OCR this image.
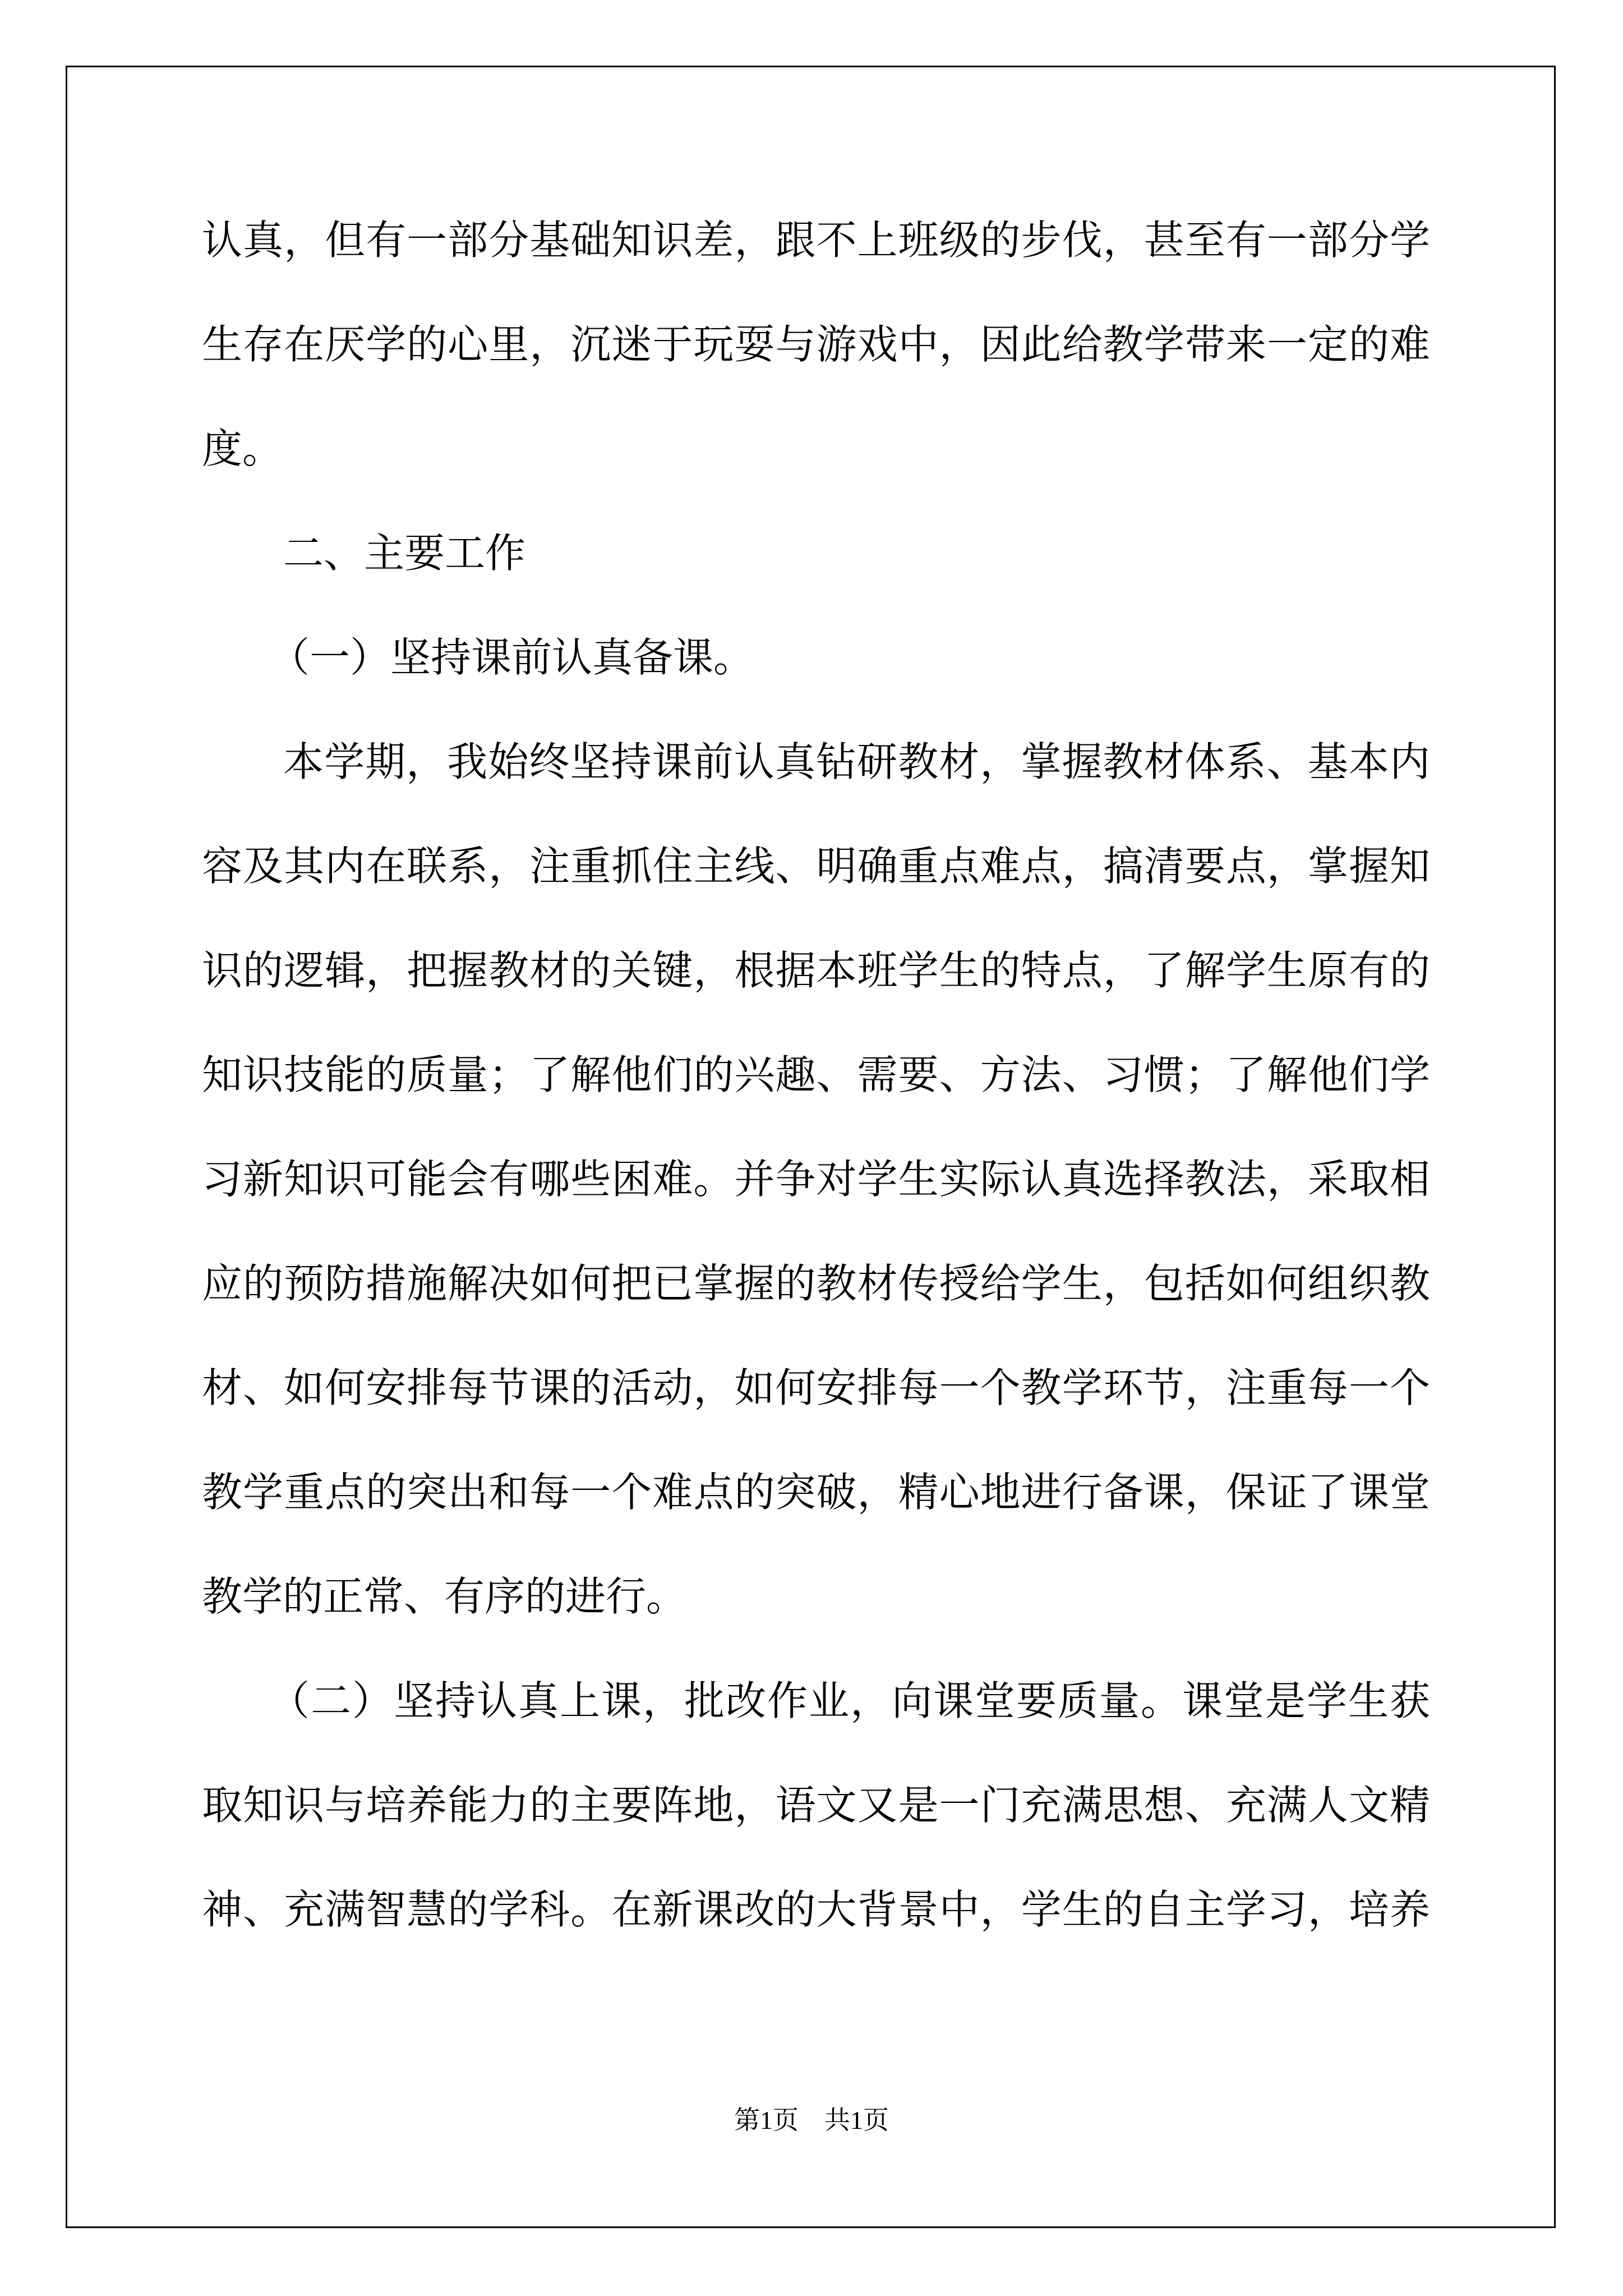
认真，但有一部分基础知识差，跟不上班级的步伐，甚至有一部分学
生存在厌学的心里，沉迷于玩耍与游戏中，因此给教学带来一定的难
度。
二、主要工作
（一）坚持课前认真备课。
本学期，我始终坚持课前认真钻研教材，掌握教材体系、基本内
容及其内在联系，注重抓住主线、明确重点难点，搞清要点，掌握知
识的逻辑，把握教材的关键，根据本班学生的特点，了解学生原有的
知识技能的质量；了解他们的兴趣、需要、方法、习惯；了解他们学
习新知识可能会有哪些困难。并争对学生实际认真选择教法，采取相
应的预防措施解决如何把已掌握的教材传授给学生，包括如何组织教
材、如何安排每节课的活动，如何安排每一个教学环节，注重每一个
教学重点的突出和每一个难点的突破，精心地进行备课，保证了课堂
教学的正常、有序的进行。
（二）坚持认真上课，批改作业，向课堂要质量。课堂是学生获
取知识与培养能力的主要阵地，语文又是一门充满思想、充满人文精
神、充满智慧的学科。在新课改的大背景中，学生的自主学习，培养
第1页　共1页
